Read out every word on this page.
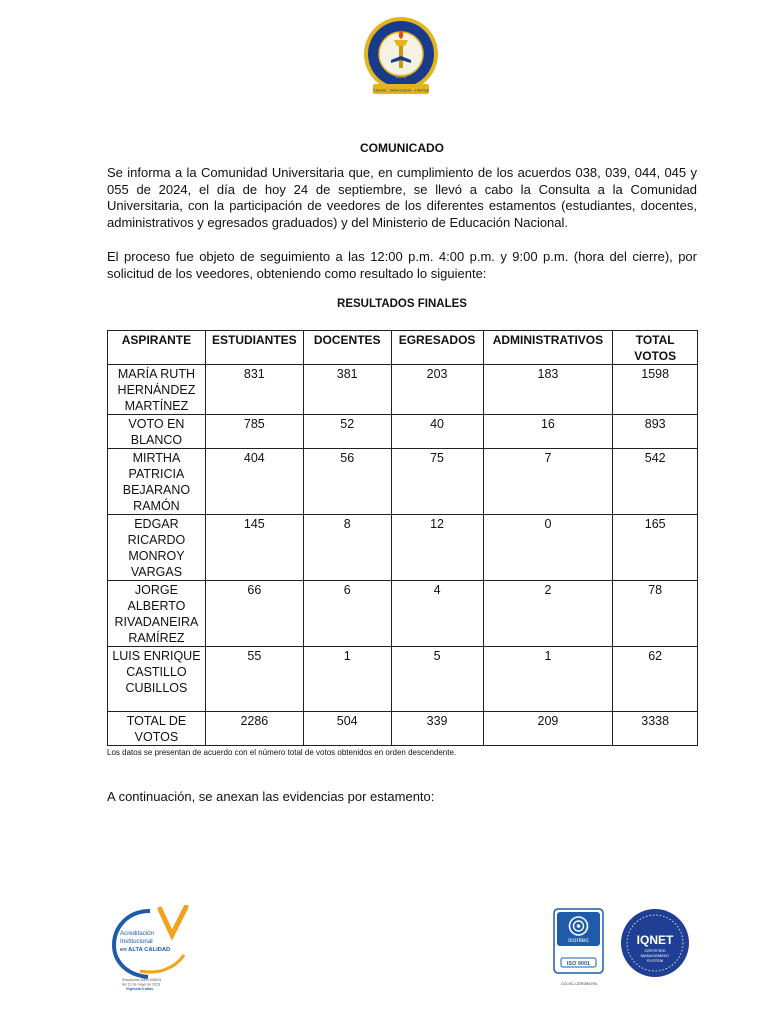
Ciencia · Democracia · Libertad
1968
COMUNICADO

Se informa a la Comunidad Universitaria que, en cumplimiento de los acuerdos 038, 039, 044, 045 y 055 de 2024, el día de hoy 24 de septiembre, se llevó a cabo la Consulta a la Comunidad Universitaria, con la participación de veedores de los diferentes estamentos (estudiantes, docentes, administrativos y egresados graduados) y del Ministerio de Educación Nacional.

El proceso fue objeto de seguimiento a las 12:00 p.m. 4:00 p.m. y 9:00 p.m. (hora del cierre), por solicitud de los veedores, obteniendo como resultado lo siguiente:

RESULTADOS FINALES
ASPIRANTE	ESTUDIANTES	DOCENTES	EGRESADOS	ADMINISTRATIVOS	TOTAL VOTOS
MARÍA RUTH HERNÁNDEZ MARTÍNEZ	831	381	203	183	1598
VOTO EN BLANCO	785	52	40	16	893
MIRTHA PATRICIA BEJARANO RAMÓN	404	56	75	7	542
EDGAR RICARDO MONROY VARGAS	145	8	12	0	165
JORGE ALBERTO RIVADANEIRA RAMÍREZ	66	6	4	2	78
LUIS ENRIQUE CASTILLO CUBILLOS	55	1	5	1	62
TOTAL DE VOTOS	2286	504	339	209	3338
Los datos se presentan de acuerdo con el número total de votos obtenidos en orden descendente.
A continuación, se anexan las evidencias por estamento:
Acreditación
Institucional
en ALTA CALIDAD
Resolución MEN 006021
del 11 de mayo de 2023
Vigencia 6 años
icontec
ISO 9001
CO-SC-CER394794
IQNET
CERTIFIED
MANAGEMENT
SYSTEM
